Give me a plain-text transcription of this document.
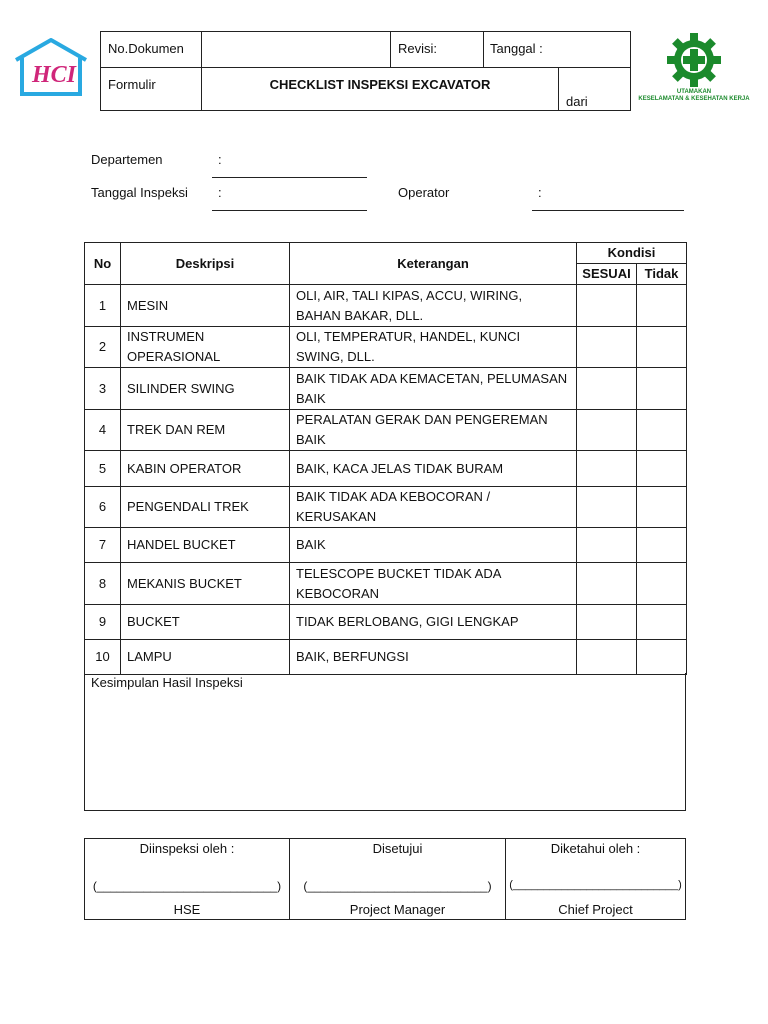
HCI
No.Dokumen	Revisi:	Tanggal :
Formulir	CHECKLIST INSPEKSI EXCAVATOR
dari
UTAMAKAN
KESELAMATAN & KESEHATAN KERJA
Departemen	:
Tanggal Inspeksi :	Operator	:
No	Deskripsi	Keterangan	Kondisi	
			SESUAI	Tidak
1	MESIN	OLI, AIR, TALI KIPAS, ACCU, WIRING, BAHAN BAKAR, DLL.		
2	INSTRUMEN OPERASIONAL	OLI, TEMPERATUR, HANDEL, KUNCI SWING, DLL.		
3	SILINDER SWING	BAIK TIDAK ADA KEMACETAN, PELUMASAN BAIK		
4	TREK DAN REM	PERALATAN GERAK DAN PENGEREMAN BAIK		
5	KABIN OPERATOR	BAIK, KACA JELAS TIDAK BURAM		
6	PENGENDALI TREK	BAIK TIDAK ADA KEBOCORAN / KERUSAKAN		
7	HANDEL BUCKET	BAIK		
8	MEKANIS BUCKET	TELESCOPE BUCKET TIDAK ADA KEBOCORAN		
9	BUCKET	TIDAK BERLOBANG, GIGI LENGKAP		
10	LAMPU	BAIK, BERFUNGSI		
Kesimpulan Hasil Inspeksi
Diinspeksi oleh :
(___________________________)
HSE
Disetujui
(___________________________)
Project Manager
Diketahui oleh :
(___________________________)
Chief Project
